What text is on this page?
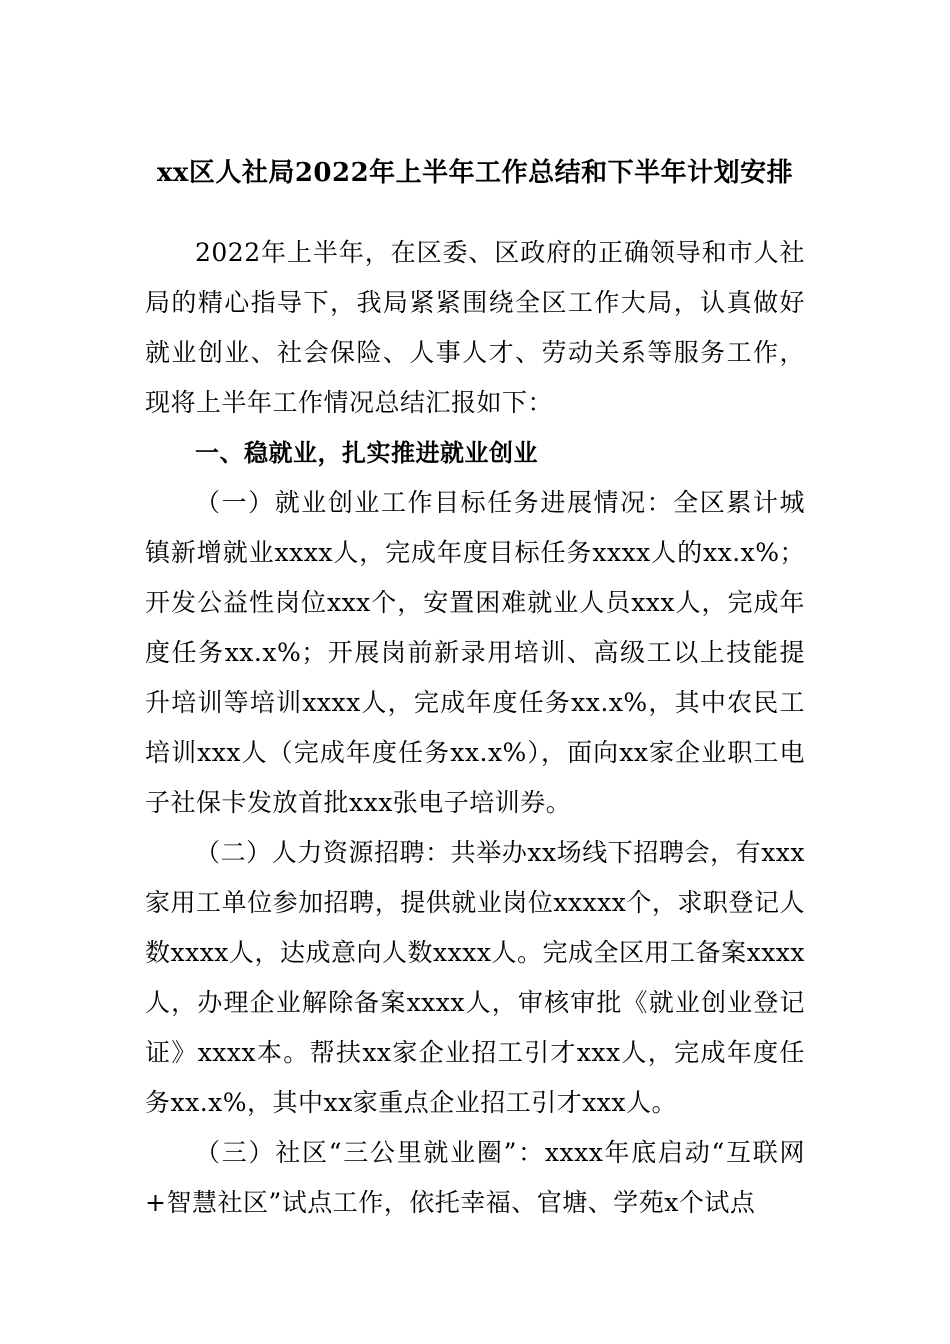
xx区人社局2022年上半年工作总结和下半年计划安排

2022年上半年，在区委、区政府的正确领导和市人社局的精心指导下，我局紧紧围绕全区工作大局，认真做好就业创业、社会保险、人事人才、劳动关系等服务工作，现将上半年工作情况总结汇报如下：

一、稳就业，扎实推进就业创业

（一）就业创业工作目标任务进展情况：全区累计城镇新增就业xxxx人，完成年度目标任务xxxx人的xx.x%；开发公益性岗位xxx个，安置困难就业人员xxx人，完成年度任务xx.x%；开展岗前新录用培训、高级工以上技能提升培训等培训xxxx人，完成年度任务xx.x%，其中农民工培训xxx人（完成年度任务xx.x%），面向xx家企业职工电子社保卡发放首批xxx张电子培训券。

（二）人力资源招聘：共举办xx场线下招聘会，有xxx家用工单位参加招聘，提供就业岗位xxxxx个，求职登记人数xxxx人，达成意向人数xxxx人。完成全区用工备案xxxx人，办理企业解除备案xxxx人，审核审批《就业创业登记证》xxxx本。帮扶xx家企业招工引才xxx人，完成年度任务xx.x%，其中xx家重点企业招工引才xxx人。

（三）社区“三公里就业圈”：xxxx年底启动“互联网+智慧社区”试点工作，依托幸福、官塘、学苑x个试点
